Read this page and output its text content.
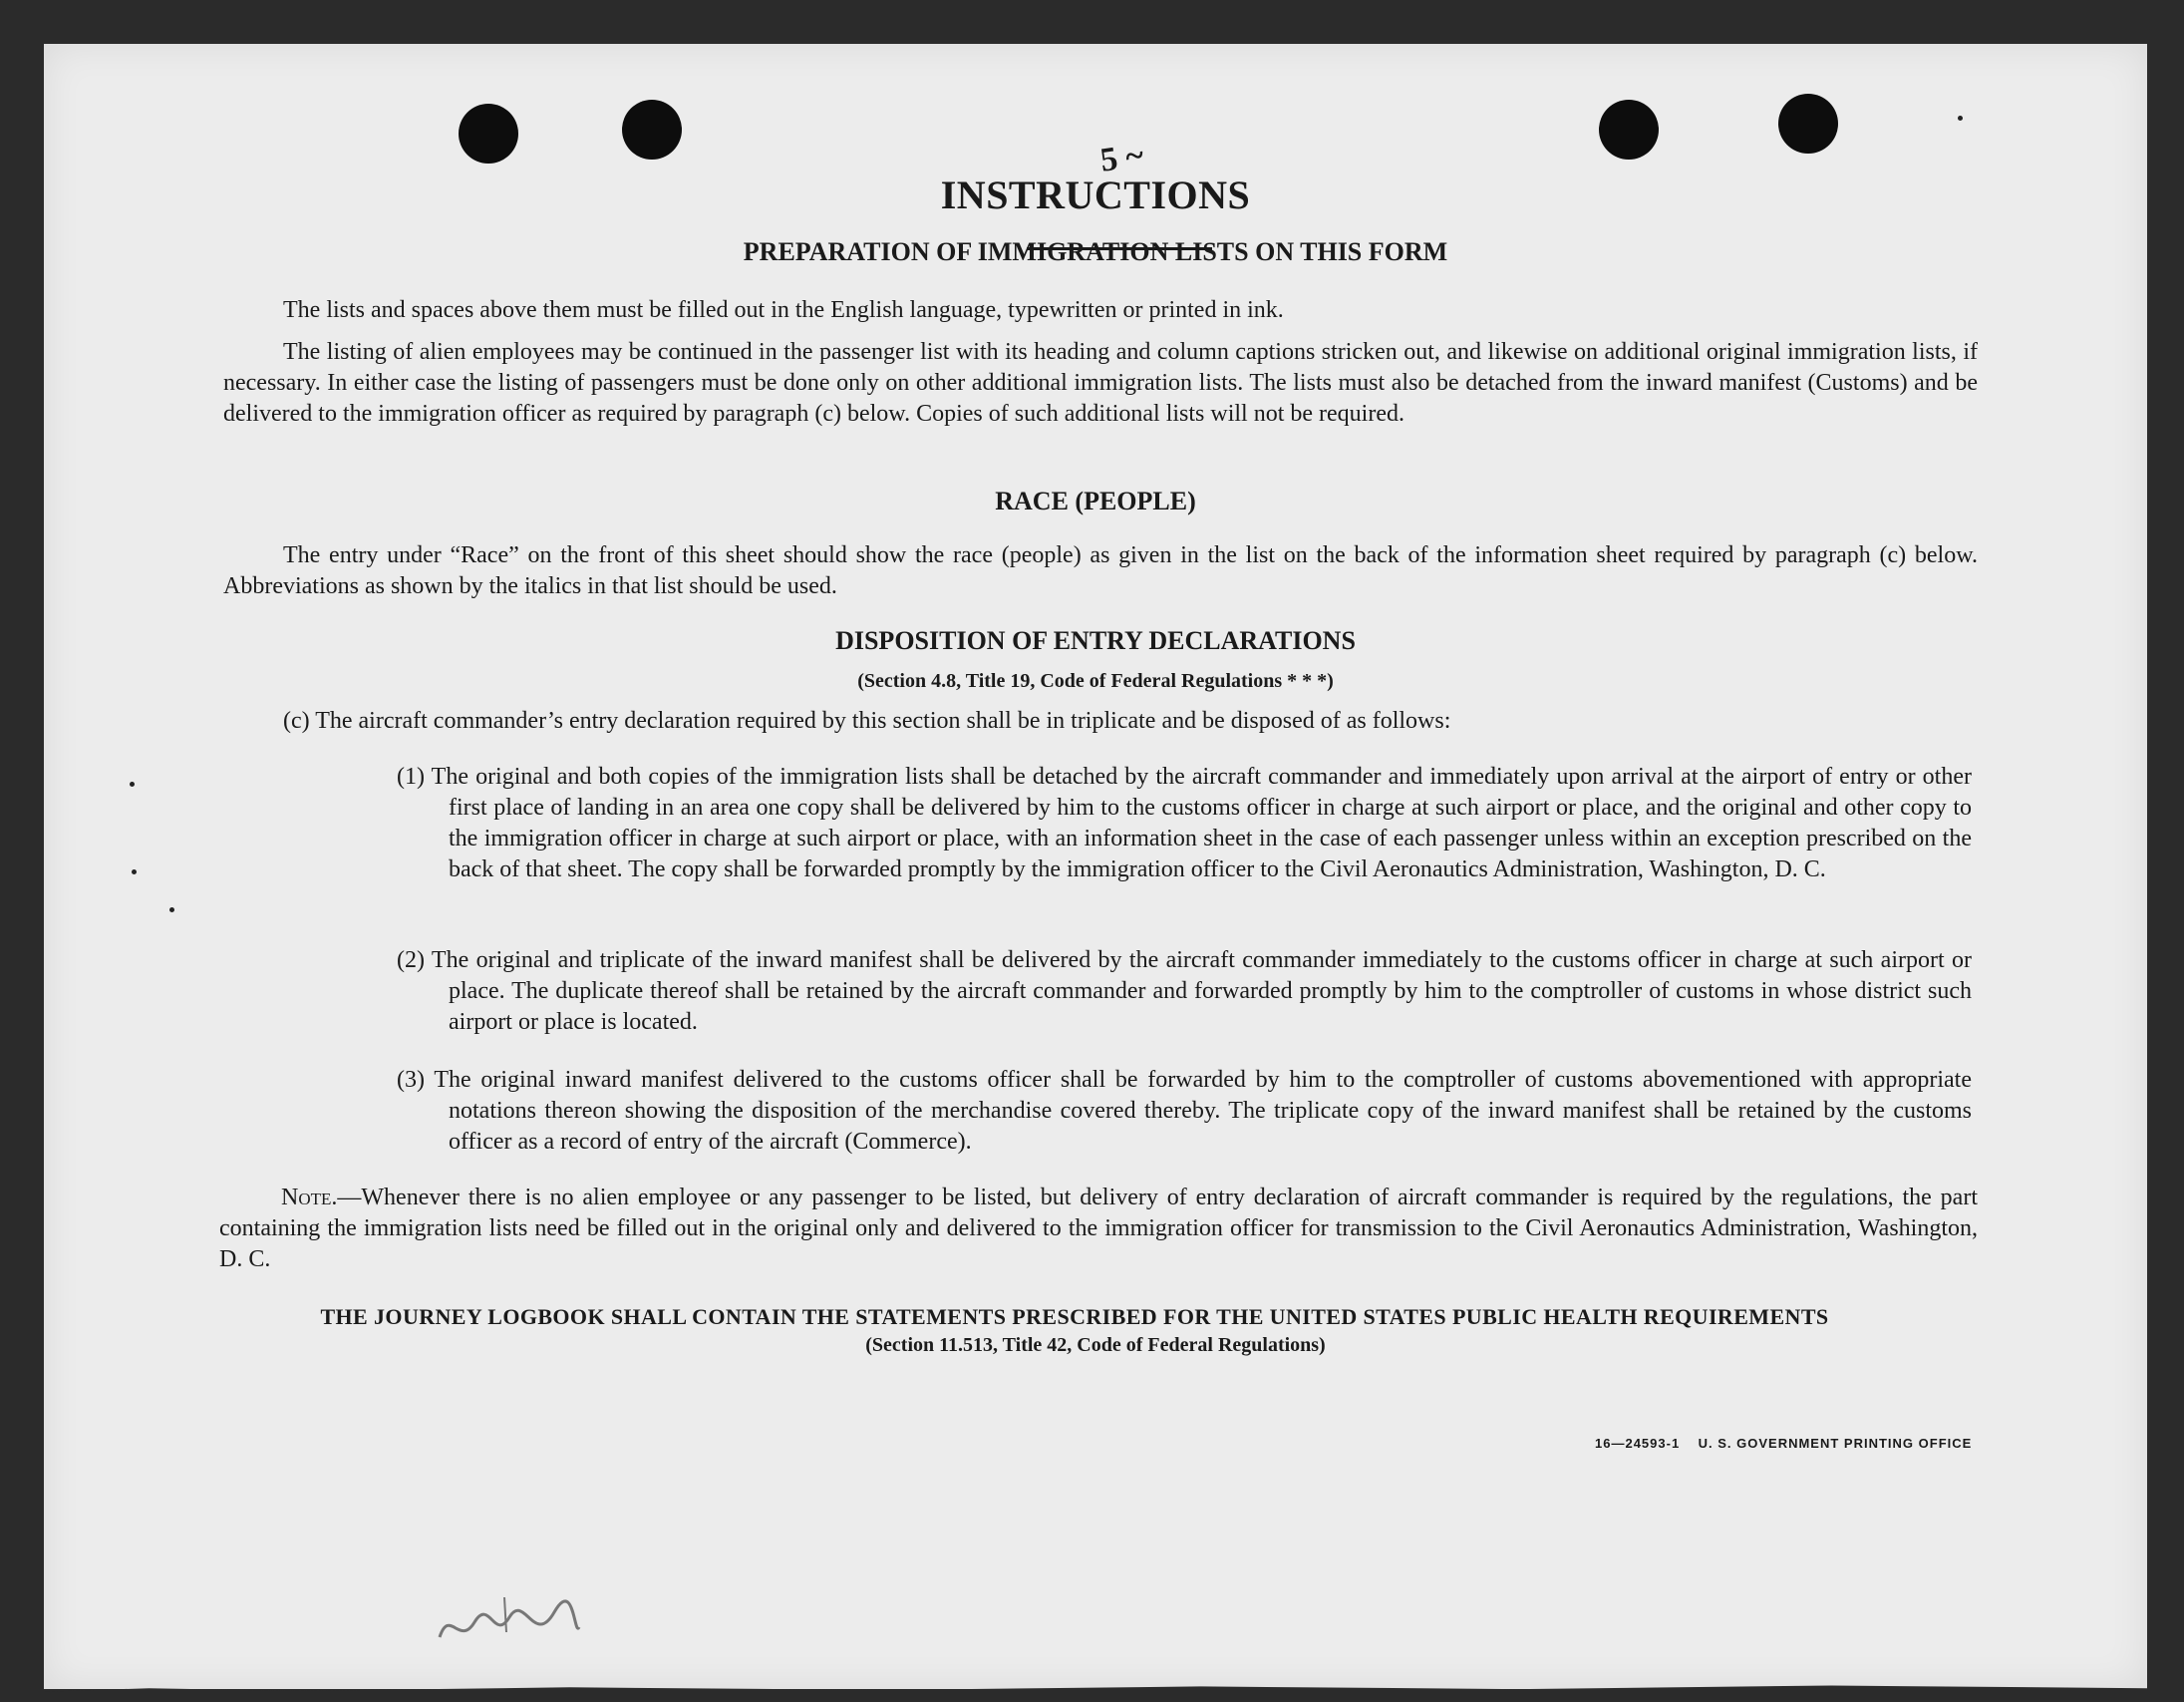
5 ~
INSTRUCTIONS
PREPARATION OF IMMIGRATION LISTS ON THIS FORM
The lists and spaces above them must be filled out in the English language, typewritten or printed in ink.
The listing of alien employees may be continued in the passenger list with its heading and column captions stricken out, and likewise on additional original immigration lists, if necessary. In either case the listing of passengers must be done only on other additional immigration lists. The lists must also be detached from the inward manifest (Customs) and be delivered to the immigration officer as required by paragraph (c) below. Copies of such additional lists will not be required.
RACE (PEOPLE)
The entry under “Race” on the front of this sheet should show the race (people) as given in the list on the back of the information sheet required by paragraph (c) below. Abbreviations as shown by the italics in that list should be used.
DISPOSITION OF ENTRY DECLARATIONS
(Section 4.8, Title 19, Code of Federal Regulations * * *)
(c) The aircraft commander’s entry declaration required by this section shall be in triplicate and be disposed of as follows:
(1) The original and both copies of the immigration lists shall be detached by the aircraft commander and immediately upon arrival at the airport of entry or other first place of landing in an area one copy shall be delivered by him to the customs officer in charge at such airport or place, and the original and other copy to the immigration officer in charge at such airport or place, with an information sheet in the case of each passenger unless within an exception prescribed on the back of that sheet. The copy shall be forwarded promptly by the immigration officer to the Civil Aeronautics Administration, Washington, D. C.
(2) The original and triplicate of the inward manifest shall be delivered by the aircraft commander immediately to the customs officer in charge at such airport or place. The duplicate thereof shall be retained by the aircraft commander and forwarded promptly by him to the comptroller of customs in whose district such airport or place is located.
(3) The original inward manifest delivered to the customs officer shall be forwarded by him to the comptroller of customs abovementioned with appropriate notations thereon showing the disposition of the merchandise covered thereby. The triplicate copy of the inward manifest shall be retained by the customs officer as a record of entry of the aircraft (Commerce).
Note.—Whenever there is no alien employee or any passenger to be listed, but delivery of entry declaration of aircraft commander is required by the regulations, the part containing the immigration lists need be filled out in the original only and delivered to the immigration officer for transmission to the Civil Aeronautics Administration, Washington, D. C.
THE JOURNEY LOGBOOK SHALL CONTAIN THE STATEMENTS PRESCRIBED FOR THE UNITED STATES PUBLIC HEALTH REQUIREMENTS
(Section 11.513, Title 42, Code of Federal Regulations)
16—24593-1 U. S. GOVERNMENT PRINTING OFFICE
